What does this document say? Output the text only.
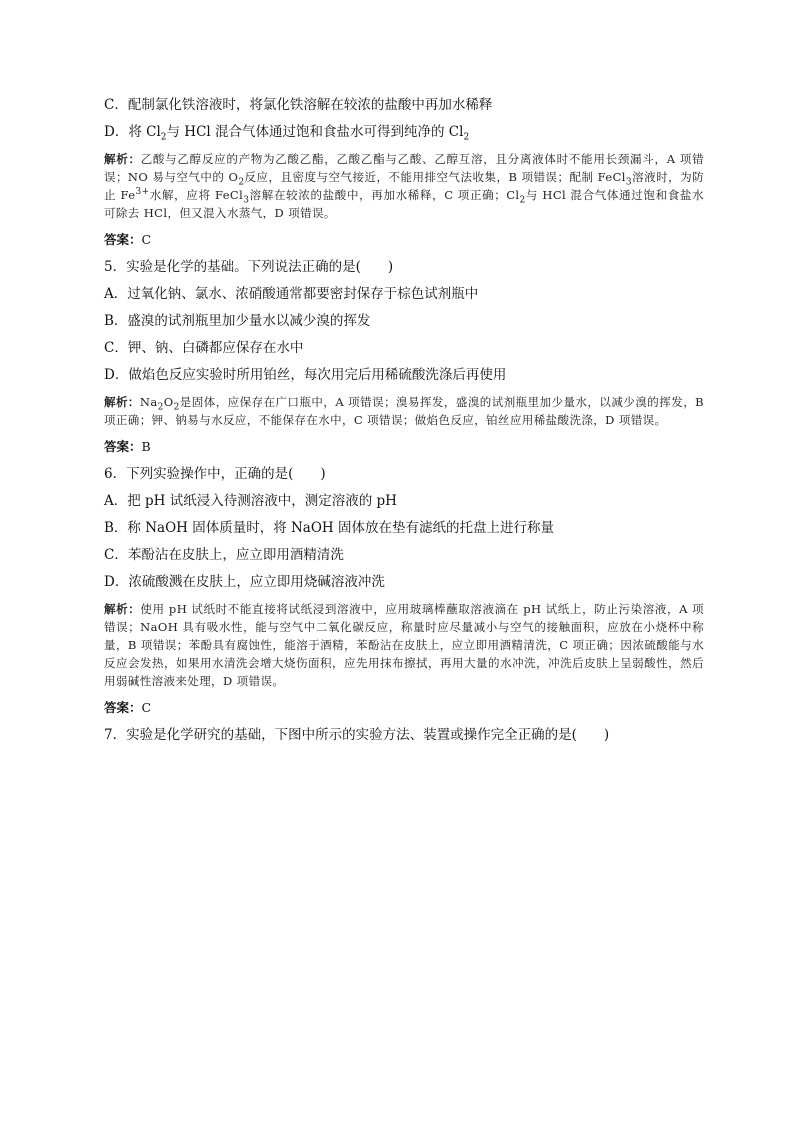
C．配制氯化铁溶液时，将氯化铁溶解在较浓的盐酸中再加水稀释

D．将 $Cl_2$与 HCl 混合气体通过饱和食盐水可得到纯净的 $Cl_2$

解析：乙酸与乙醇反应的产物为乙酸乙酯，乙酸乙酯与乙酸、乙醇互溶，且分离液体时不能用长颈漏斗，A 项错误；NO 易与空气中的 $O_2$反应，且密度与空气接近，不能用排空气法收集，B 项错误；配制 FeCl$_3$溶液时，为防止 $Fe^{3+}$水解，应将 FeCl$_3$溶解在较浓的盐酸中，再加水稀释，C 项正确；$Cl_2$与 HCl 混合气体通过饱和食盐水可除去 HCl，但又混入水蒸气，D 项错误。

答案：C

5．实验是化学的基础。下列说法正确的是(　　)

A．过氧化钠、氯水、浓硝酸通常都要密封保存于棕色试剂瓶中

B．盛溴的试剂瓶里加少量水以减少溴的挥发

C．钾、钠、白磷都应保存在水中

D．做焰色反应实验时所用铂丝，每次用完后用稀硫酸洗涤后再使用

解析：$Na_2O_2$是固体，应保存在广口瓶中，A 项错误；溴易挥发，盛溴的试剂瓶里加少量水，以减少溴的挥发，B 项正确；钾、钠易与水反应，不能保存在水中，C 项错误；做焰色反应，铂丝应用稀盐酸洗涤，D 项错误。

答案：B

6．下列实验操作中，正确的是(　　)

A．把 pH 试纸浸入待测溶液中，测定溶液的 pH

B．称 NaOH 固体质量时，将 NaOH 固体放在垫有滤纸的托盘上进行称量

C．苯酚沾在皮肤上，应立即用酒精清洗

D．浓硫酸溅在皮肤上，应立即用烧碱溶液冲洗

解析：使用 pH 试纸时不能直接将试纸浸到溶液中，应用玻璃棒蘸取溶液滴在 pH 试纸上，防止污染溶液，A 项错误；NaOH 具有吸水性，能与空气中二氧化碳反应，称量时应尽量减小与空气的接触面积，应放在小烧杯中称量，B 项错误；苯酚具有腐蚀性，能溶于酒精，苯酚沾在皮肤上，应立即用酒精清洗，C 项正确；因浓硫酸能与水反应会发热，如果用水清洗会增大烧伤面积，应先用抹布擦拭，再用大量的水冲洗，冲洗后皮肤上呈弱酸性，然后用弱碱性溶液来处理，D 项错误。

答案：C

7．实验是化学研究的基础，下图中所示的实验方法、装置或操作完全正确的是(　　)
